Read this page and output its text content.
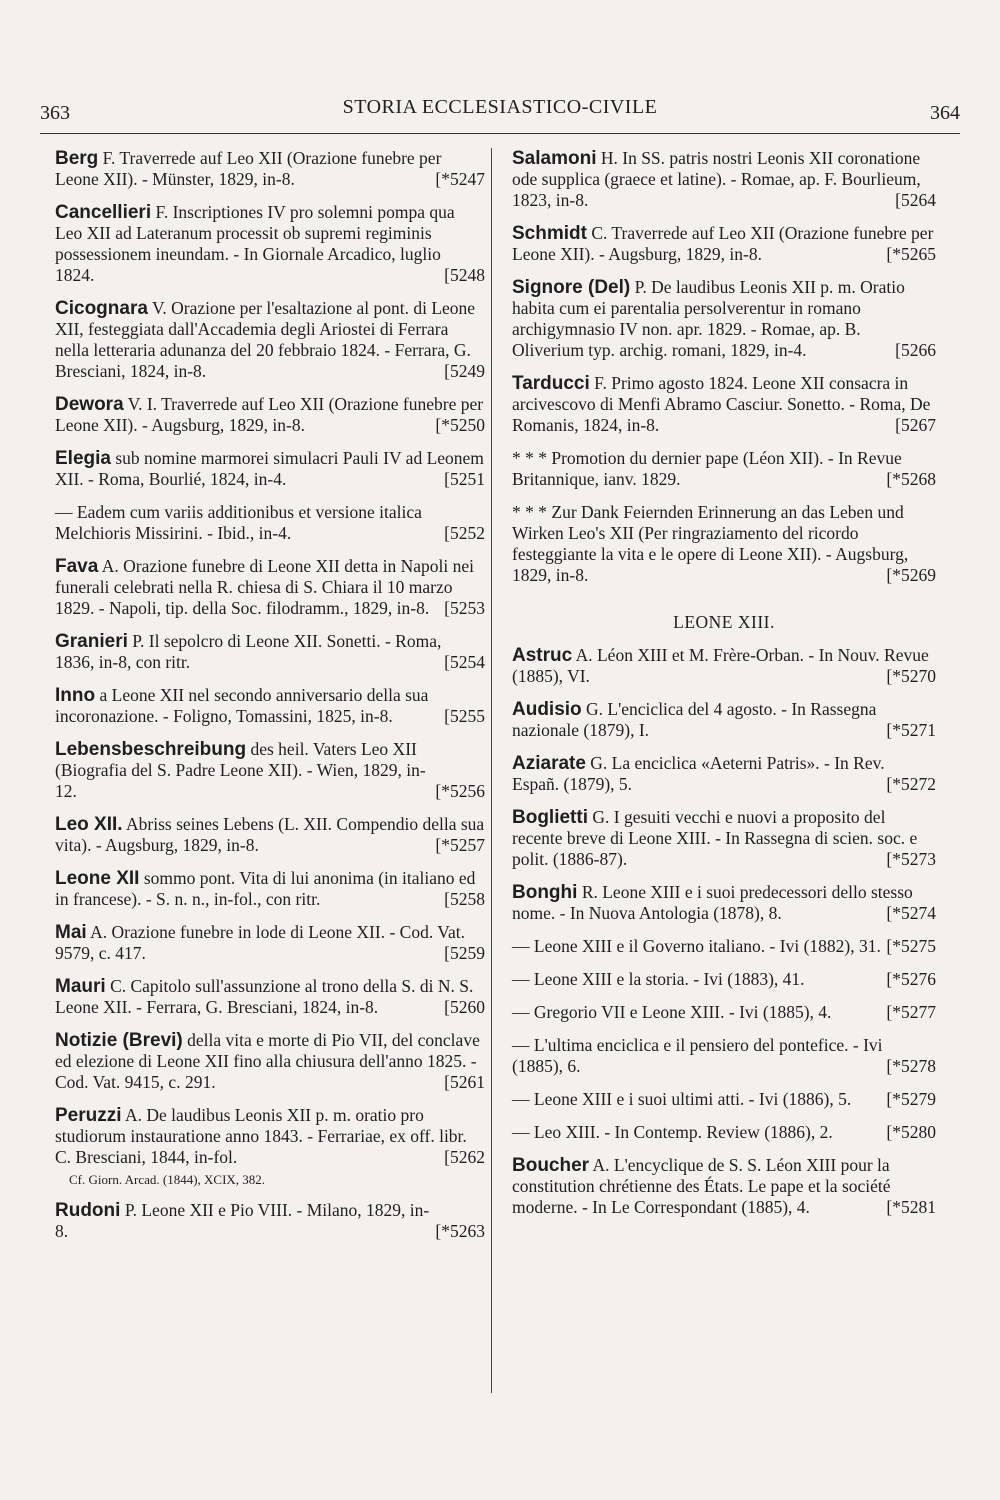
363	STORIA ECCLESIASTICO-CIVILE	364
Berg F. Traverrede auf Leo XII (Orazione funebre per Leone XII). - Münster, 1829, in-8.   	[*5247
Cancellieri F. Inscriptiones IV pro solemni pompa qua Leo XII ad Lateranum processit ob supremi regiminis possessionem ineundam. - In Giornale Arcadico, luglio 1824.   	[5248
Cicognara V. Orazione per l'esaltazione al pont. di Leone XII, festeggiata dall'Accademia degli Ariostei di Ferrara nella letteraria adunanza del 20 febbraio 1824. - Ferrara, G. Bresciani, 1824, in-8.   	[5249
Dewora V. I. Traverrede auf Leo XII (Orazione funebre per Leone XII). - Augsburg, 1829, in-8.   	[*5250
Elegia sub nomine marmorei simulacri Pauli IV ad Leonem XII. - Roma, Bourlié, 1824, in-4.   	[5251
— Eadem cum variis additionibus et versione italica Melchioris Missirini. - Ibid., in-4.   	[5252
Fava A. Orazione funebre di Leone XII detta in Napoli nei funerali celebrati nella R. chiesa di S. Chiara il 10 marzo 1829. - Napoli, tip. della Soc. filodramm., 1829, in-8.    [5253
Granieri P. Il sepolcro di Leone XII. Sonetti. - Roma, 1836, in-8, con ritr.   	[5254
Inno a Leone XII nel secondo anniversario della sua incoronazione. - Foligno, Tomassini, 1825, in-8.   	[5255
Lebensbeschreibung des heil. Vaters Leo XII (Biografia del S. Padre Leone XII). - Wien, 1829, in-12.   	[*5256
Leo XII. Abriss seines Lebens (L. XII. Compendio della sua vita). - Augsburg, 1829, in-8.   	[*5257
Leone XII sommo pont. Vita di lui anonima (in italiano ed in francese). - S. n. n., in-fol., con ritr.   	[5258
Mai A. Orazione funebre in lode di Leone XII. - Cod. Vat. 9579, c. 417.   	[5259
Mauri C. Capitolo sull'assunzione al trono della S. di N. S. Leone XII. - Ferrara, G. Bresciani, 1824, in-8.   	[5260
Notizie (Brevi) della vita e morte di Pio VII, del conclave ed elezione di Leone XII fino alla chiusura dell'anno 1825. - Cod. Vat. 9415, c. 291.   	[5261
Peruzzi A. De laudibus Leonis XII p. m. oratio pro studiorum instauratione anno 1843. - Ferrariae, ex off. libr. C. Bresciani, 1844, in-fol.   	[5262
Cf. Giorn. Arcad. (1844), XCIX, 382.
Rudoni P. Leone XII e Pio VIII. - Milano, 1829, in-8.   	[*5263
Salamoni H. In SS. patris nostri Leonis XII coronatione ode supplica (graece et latine). - Romae, ap. F. Bourlieum, 1823, in-8.   	[5264
Schmidt C. Traverrede auf Leo XII (Orazione funebre per Leone XII). - Augsburg, 1829, in-8.   	[*5265
Signore (Del) P. De laudibus Leonis XII p. m. Oratio habita cum ei parentalia persolverentur in romano archigymnasio IV non. apr. 1829. - Romae, ap. B. Oliverium typ. archig. romani, 1829, in-4.   	[5266
Tarducci F. Primo agosto 1824. Leone XII consacra in arcivescovo di Menfi Abramo Casciur. Sonetto. - Roma, De Romanis, 1824, in-8.   	[5267
* * * Promotion du dernier pape (Léon XII). - In Revue Britannique, ianv. 1829.   	[*5268
* * * Zur Dank Feiernden Erinnerung an das Leben und Wirken Leo's XII (Per ringraziamento del ricordo festeggiante la vita e le opere di Leone XII). - Augsburg, 1829, in-8.   	[*5269
LEONE XIII.
Astruc A. Léon XIII et M. Frère-Orban. - In Nouv. Revue (1885), VI.   	[*5270
Audisio G. L'enciclica del 4 agosto. - In Rassegna nazionale (1879), I.   	[*5271
Aziarate G. La enciclica «Aeterni Patris». - In Rev. Españ. (1879), 5.   	[*5272
Boglietti G. I gesuiti vecchi e nuovi a proposito del recente breve di Leone XIII. - In Rassegna di scien. soc. e polit. (1886-87).   	[*5273
Bonghi R. Leone XIII e i suoi predecessori dello stesso nome. - In Nuova Antologia (1878), 8.   	[*5274
— Leone XIII e il Governo italiano. - Ivi (1882), 31.    [*5275
— Leone XIII e la storia. - Ivi (1883), 41.   	[*5276
— Gregorio VII e Leone XIII. - Ivi (1885), 4.   	[*5277
— L'ultima enciclica e il pensiero del pontefice. - Ivi (1885), 6.   	[*5278
— Leone XIII e i suoi ultimi atti. - Ivi (1886), 5.   	[*5279
— Leo XIII. - In Contemp. Review (1886), 2.   	[*5280
Boucher A. L'encyclique de S. S. Léon XIII pour la constitution chrétienne des États. Le pape et la société moderne. - In Le Correspondant (1885), 4.   	[*5281
